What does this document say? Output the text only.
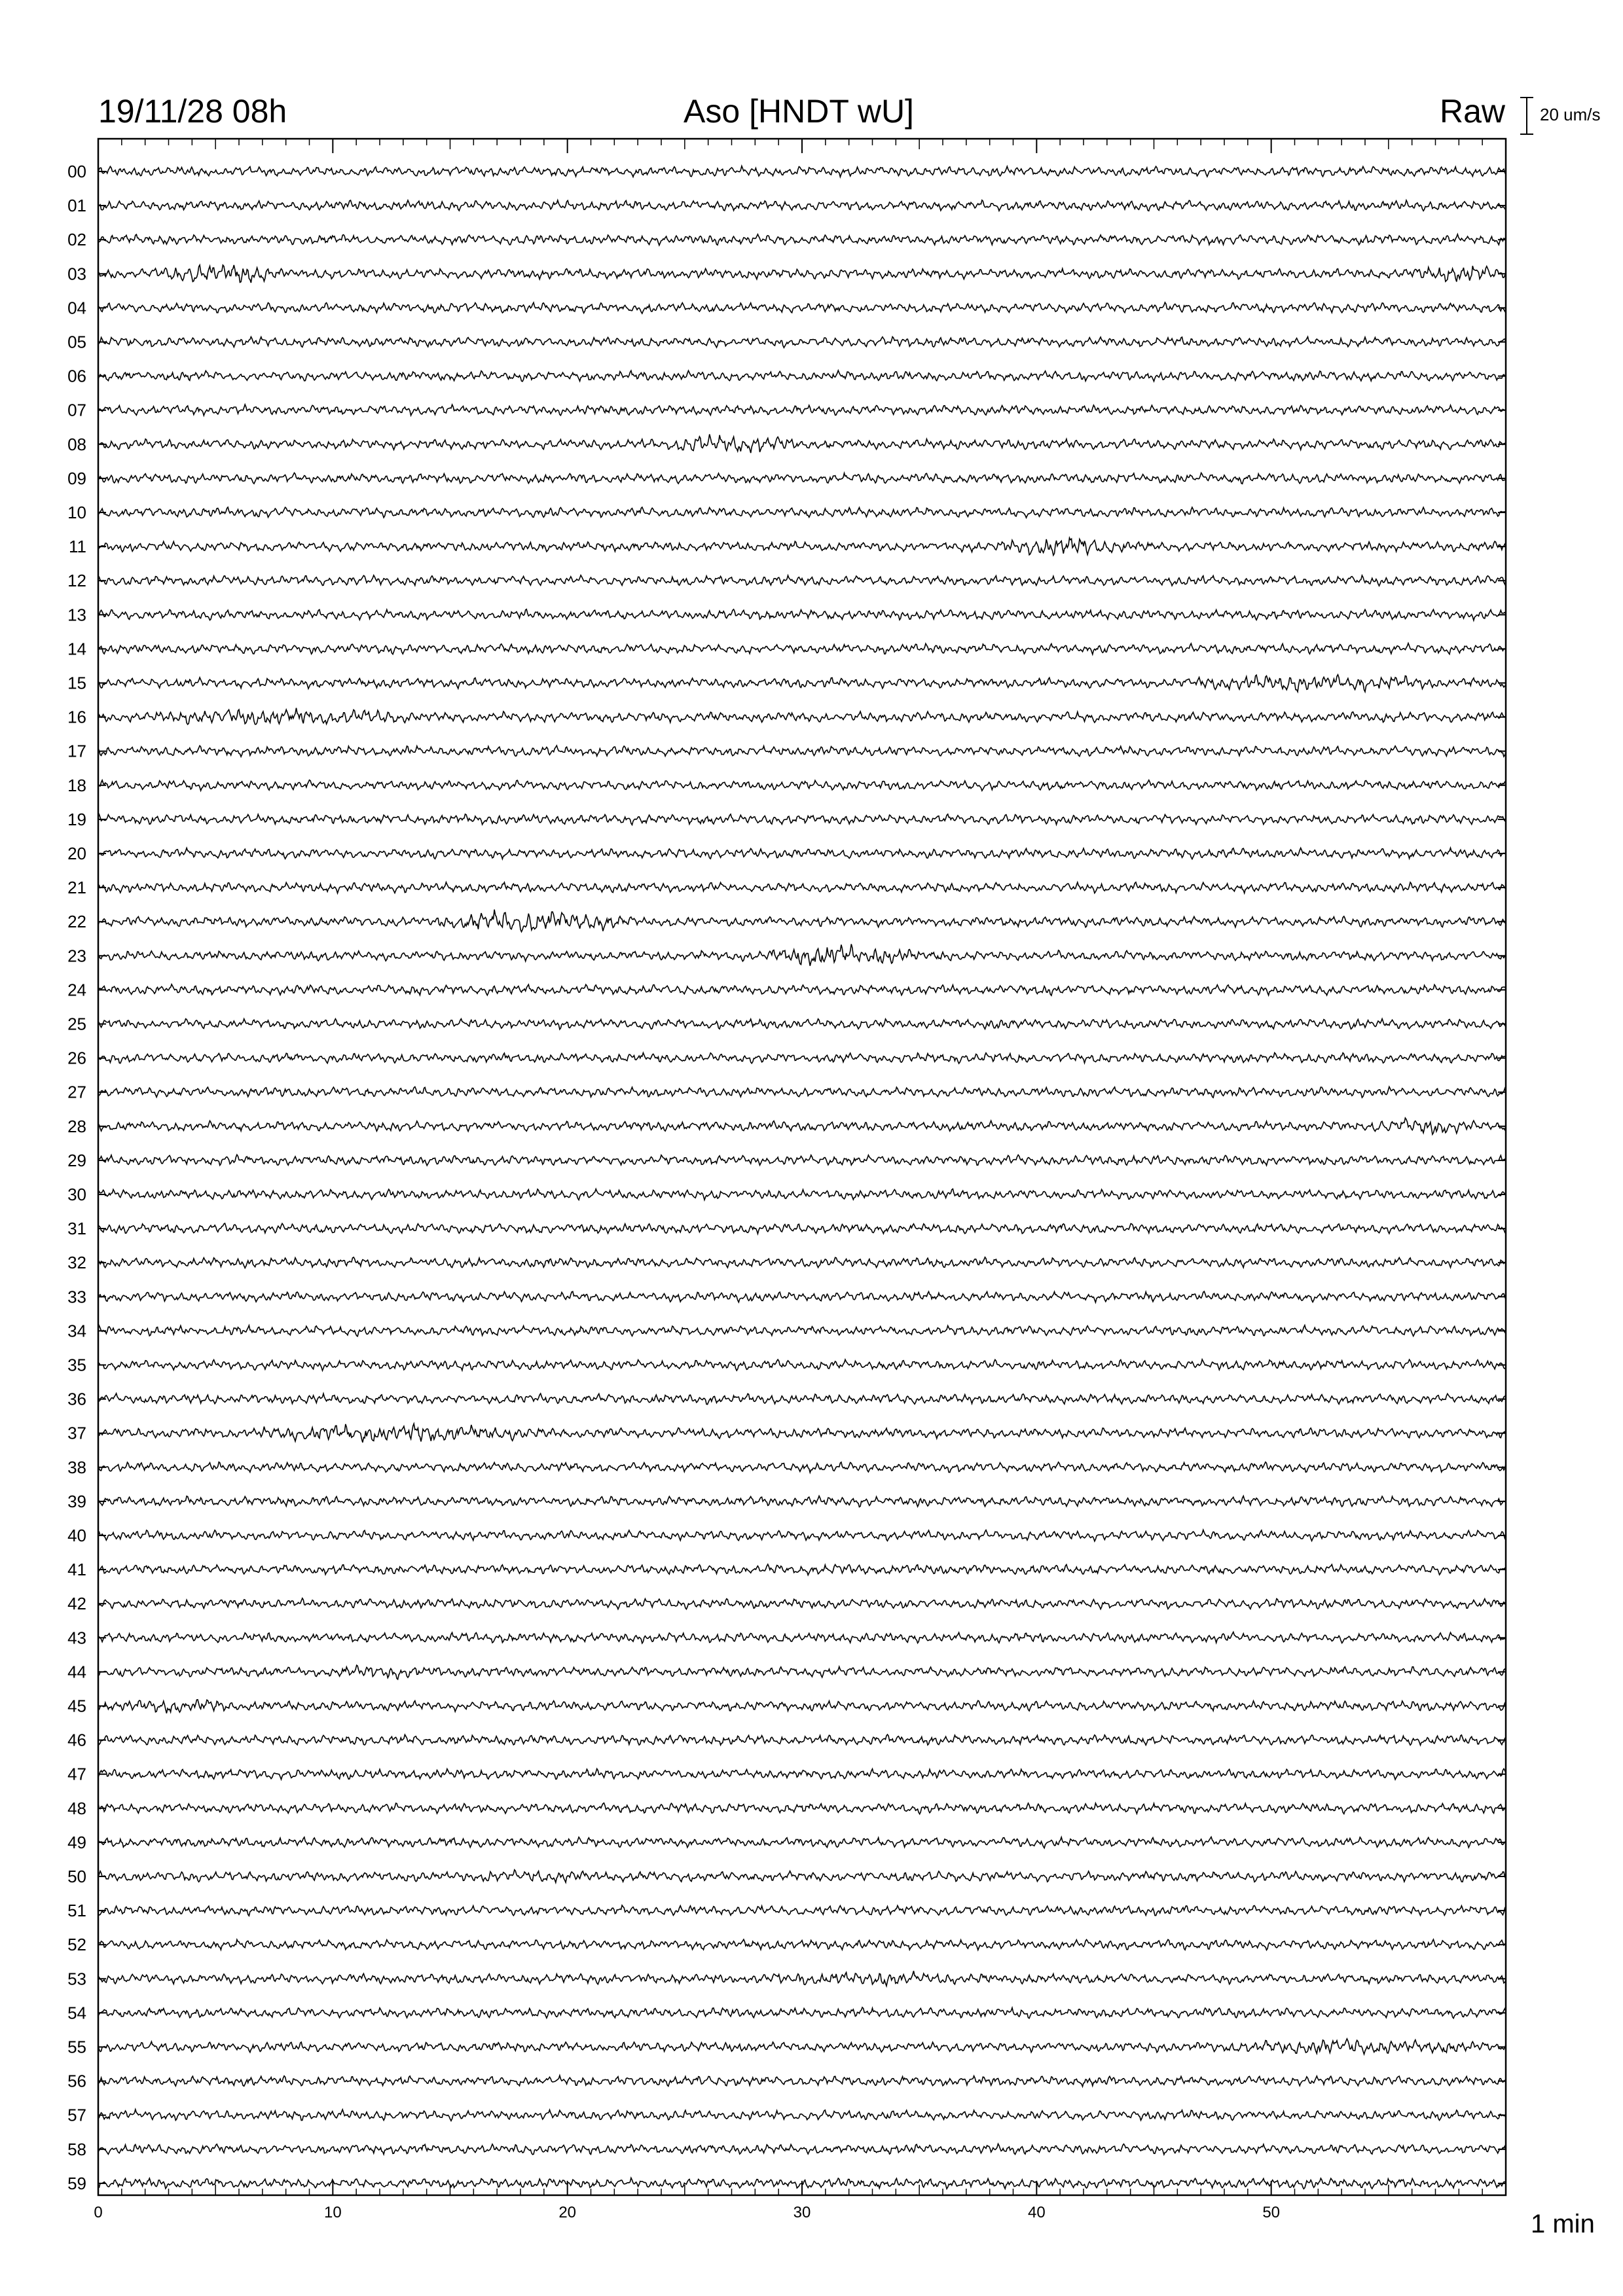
19/11/28 08h	Aso [HNDT wU]	Raw 20 um/s
00
01
02
03
04
05
06
07
08
09
10
11
12
13
14
15
16
17
18
19
20
21
22
23
24
25
26
27
28
29
30
31
32
33
34
35
36
37
38
39
40
41
42
43
44
45
46
47
48
49
50
51
52
53
54
55
56
57
58
59
0	10	20	30	40	50	1 min
